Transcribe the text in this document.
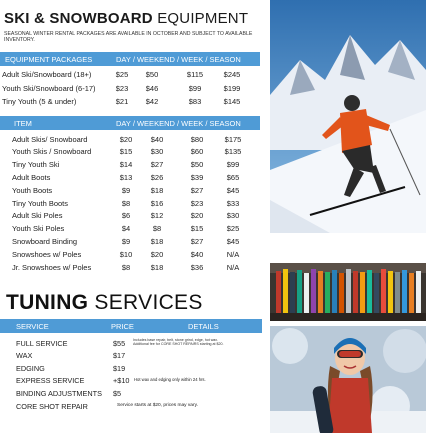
SKI & SNOWBOARD EQUIPMENT
SEASONAL WINTER RENTAL PACKAGES ARE AVAILABLE IN OCTOBER AND SUBJECT TO AVAILABLE INVENTORY.
EQUIPMENT PACKAGES	DAY / WEEKEND / WEEK / SEASON
Adult Ski/Snowboard (18+)	$25	$50	$115	$245
Youth Ski/Snowboard (6-17)	$23	$46	$99	$199
Tiny Youth (5 & under)	$21	$42	$83	$145
ITEM	DAY / WEEKEND / WEEK / SEASON
Adult Skis/ Snowboard	$20	$40	$80	$175
Youth Skis / Snowboard	$15	$30	$60	$135
Tiny Youth Ski	$14	$27	$50	$99
Adult Boots	$13	$26	$39	$65
Youth Boots	$9	$18	$27	$45
Tiny Youth Boots	$8	$16	$23	$33
Adult Ski Poles	$6	$12	$20	$30
Youth Ski Poles	$4	$8	$15	$25
Snowboard Binding	$9	$18	$27	$45
Snowshoes w/ Poles	$10	$20	$40	N/A
Jr. Snowshoes w/ Poles	$8	$18	$36	N/A
TUNING SERVICES
SERVICE	PRICE	DETAILS
FULL SERVICE	$55 Includes base repair, belt, stone grind, edge, hot wax. Additional fee for CORE SHOT REPAIRS starting at $20.
WAX	$17
EDGING	$19
EXPRESS SERVICE	+$10 Hot wax and edging only within 24 hrs.
BINDING ADJUSTMENTS $5
CORE SHOT REPAIR	Service starts at $20, prices may vary.
